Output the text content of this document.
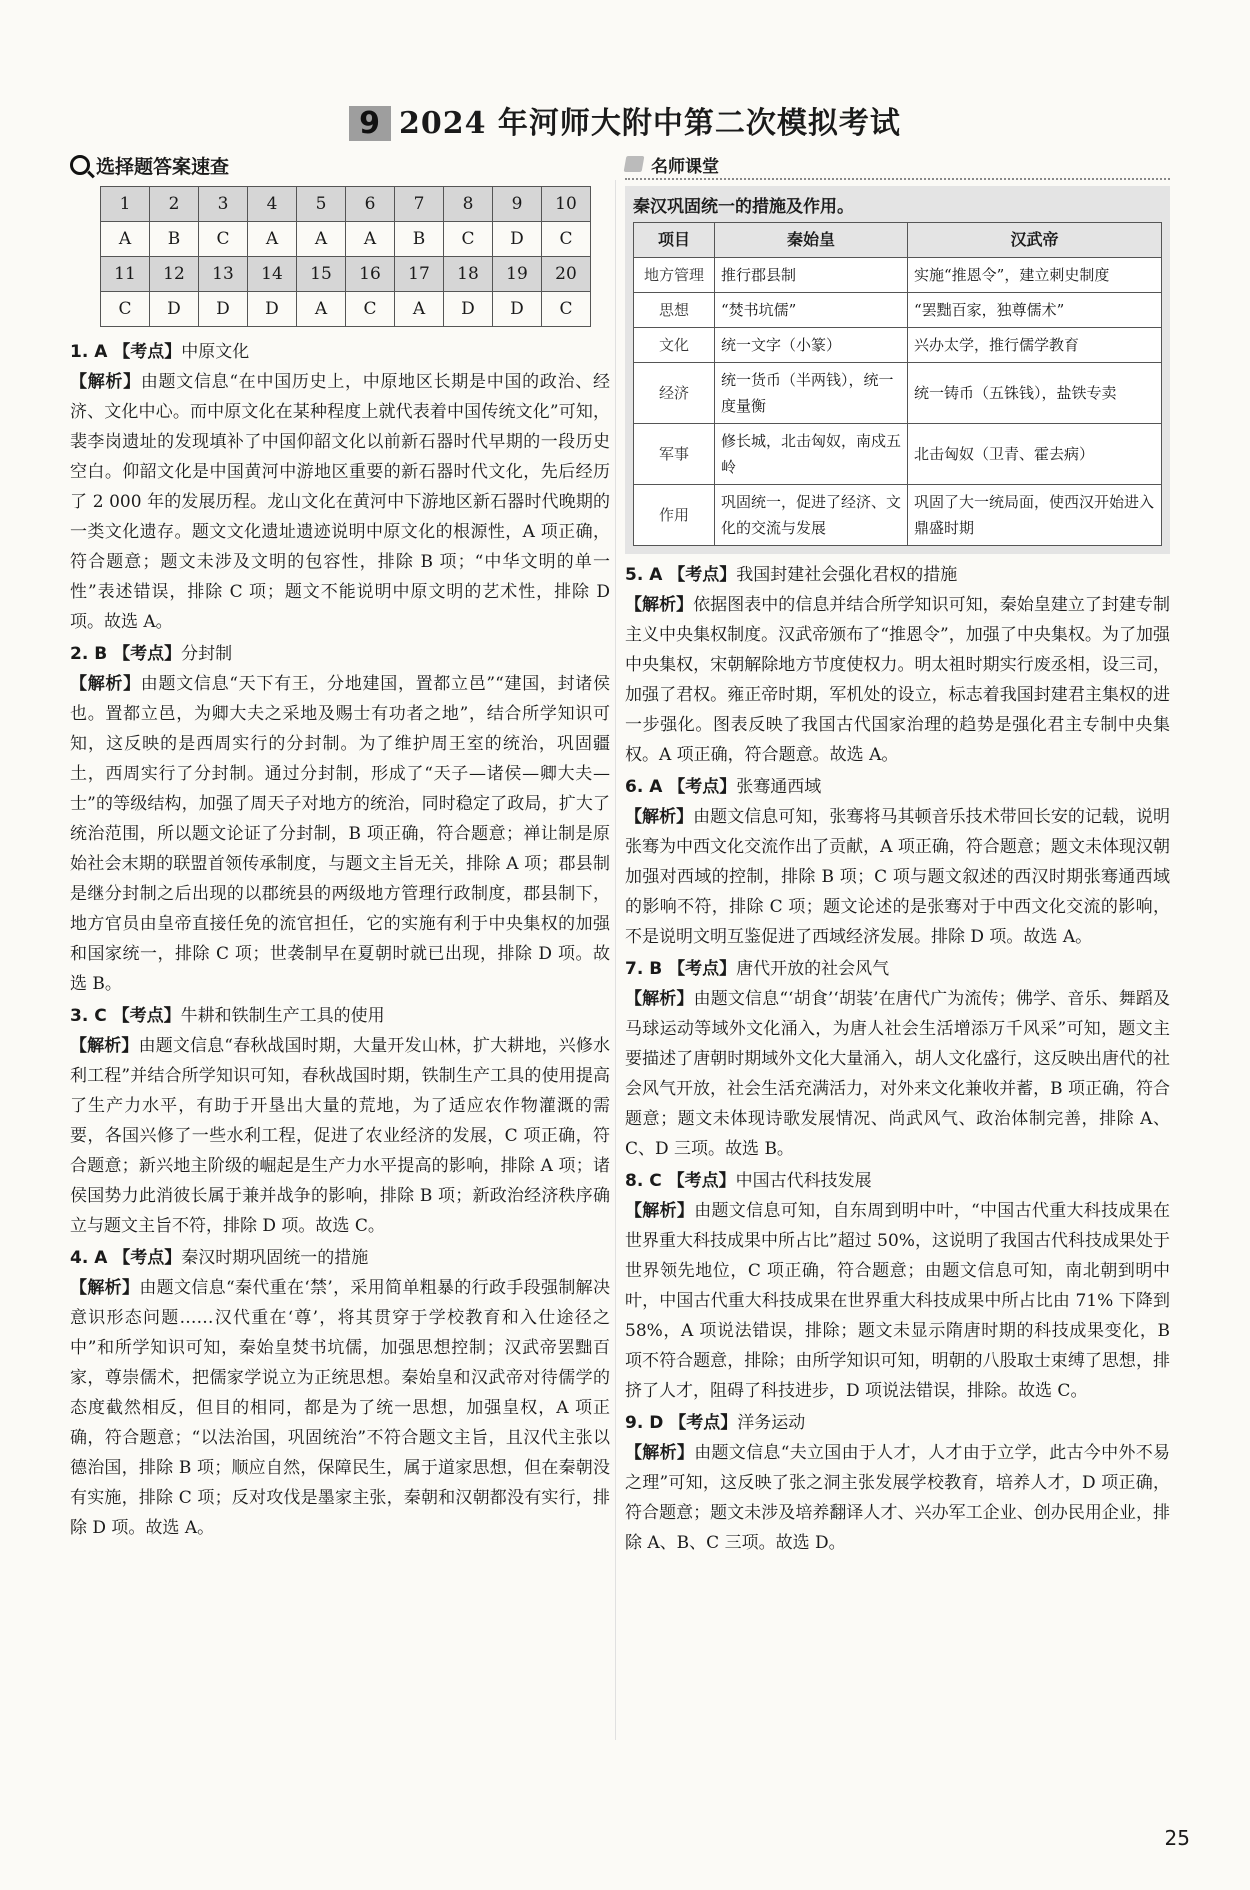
9 2024 年河师大附中第二次模拟考试
选择题答案速查
1	2	3	4	5	6	7	8	9	10
A	B	C	A	A	A	B	C	D	C
11	12	13	14	15	16	17	18	19	20
C	D	D	D	A	C	A	D	D	C
1. A 【考点】中原文化
【解析】由题文信息“在中国历史上，中原地区长期是中国的政治、经济、文化中心。而中原文化在某种程度上就代表着中国传统文化”可知，裴李岗遗址的发现填补了中国仰韶文化以前新石器时代早期的一段历史空白。仰韶文化是中国黄河中游地区重要的新石器时代文化，先后经历了 2 000 年的发展历程。龙山文化在黄河中下游地区新石器时代晚期的一类文化遗存。题文文化遗址遗迹说明中原文化的根源性，A 项正确，符合题意；题文未涉及文明的包容性，排除 B 项；“中华文明的单一性”表述错误，排除 C 项；题文不能说明中原文明的艺术性，排除 D 项。故选 A。
2. B 【考点】分封制
【解析】由题文信息“天下有王，分地建国，置都立邑”“建国，封诸侯也。置都立邑，为卿大夫之采地及赐士有功者之地”，结合所学知识可知，这反映的是西周实行的分封制。为了维护周王室的统治，巩固疆土，西周实行了分封制。通过分封制，形成了“天子—诸侯—卿大夫—士”的等级结构，加强了周天子对地方的统治，同时稳定了政局，扩大了统治范围，所以题文论证了分封制，B 项正确，符合题意；禅让制是原始社会末期的联盟首领传承制度，与题文主旨无关，排除 A 项；郡县制是继分封制之后出现的以郡统县的两级地方管理行政制度，郡县制下，地方官员由皇帝直接任免的流官担任，它的实施有利于中央集权的加强和国家统一，排除 C 项；世袭制早在夏朝时就已出现，排除 D 项。故选 B。
3. C 【考点】牛耕和铁制生产工具的使用
【解析】由题文信息“春秋战国时期，大量开发山林，扩大耕地，兴修水利工程”并结合所学知识可知，春秋战国时期，铁制生产工具的使用提高了生产力水平，有助于开垦出大量的荒地，为了适应农作物灌溉的需要，各国兴修了一些水利工程，促进了农业经济的发展，C 项正确，符合题意；新兴地主阶级的崛起是生产力水平提高的影响，排除 A 项；诸侯国势力此消彼长属于兼并战争的影响，排除 B 项；新政治经济秩序确立与题文主旨不符，排除 D 项。故选 C。
4. A 【考点】秦汉时期巩固统一的措施
【解析】由题文信息“秦代重在‘禁’，采用简单粗暴的行政手段强制解决意识形态问题……汉代重在‘尊’，将其贯穿于学校教育和入仕途径之中”和所学知识可知，秦始皇焚书坑儒，加强思想控制；汉武帝罢黜百家，尊崇儒术，把儒家学说立为正统思想。秦始皇和汉武帝对待儒学的态度截然相反，但目的相同，都是为了统一思想，加强皇权，A 项正确，符合题意；“以法治国，巩固统治”不符合题文主旨，且汉代主张以德治国，排除 B 项；顺应自然，保障民生，属于道家思想，但在秦朝没有实施，排除 C 项；反对攻伐是墨家主张，秦朝和汉朝都没有实行，排除 D 项。故选 A。
名师课堂
秦汉巩固统一的措施及作用。
项目	秦始皇	汉武帝
地方管理	推行郡县制	实施“推恩令”，建立刺史制度
思想	“焚书坑儒”	“罢黜百家，独尊儒术”
文化	统一文字（小篆）	兴办太学，推行儒学教育
经济	统一货币（半两钱），统一度量衡	统一铸币（五铢钱），盐铁专卖
军事	修长城，北击匈奴，南戍五岭	北击匈奴（卫青、霍去病）
作用	巩固统一，促进了经济、文化的交流与发展	巩固了大一统局面，使西汉开始进入鼎盛时期
5. A 【考点】我国封建社会强化君权的措施
【解析】依据图表中的信息并结合所学知识可知，秦始皇建立了封建专制主义中央集权制度。汉武帝颁布了“推恩令”，加强了中央集权。为了加强中央集权，宋朝解除地方节度使权力。明太祖时期实行废丞相，设三司，加强了君权。雍正帝时期，军机处的设立，标志着我国封建君主集权的进一步强化。图表反映了我国古代国家治理的趋势是强化君主专制中央集权。A 项正确，符合题意。故选 A。
6. A 【考点】张骞通西域
【解析】由题文信息可知，张骞将马其顿音乐技术带回长安的记载，说明张骞为中西文化交流作出了贡献，A 项正确，符合题意；题文未体现汉朝加强对西域的控制，排除 B 项；C 项与题文叙述的西汉时期张骞通西域的影响不符，排除 C 项；题文论述的是张骞对于中西文化交流的影响，不是说明文明互鉴促进了西域经济发展。排除 D 项。故选 A。
7. B 【考点】唐代开放的社会风气
【解析】由题文信息“‘胡食’‘胡装’在唐代广为流传；佛学、音乐、舞蹈及马球运动等域外文化涌入，为唐人社会生活增添万千风采”可知，题文主要描述了唐朝时期域外文化大量涌入，胡人文化盛行，这反映出唐代的社会风气开放，社会生活充满活力，对外来文化兼收并蓄，B 项正确，符合题意；题文未体现诗歌发展情况、尚武风气、政治体制完善，排除 A、C、D 三项。故选 B。
8. C 【考点】中国古代科技发展
【解析】由题文信息可知，自东周到明中叶，“中国古代重大科技成果在世界重大科技成果中所占比”超过 50%，这说明了我国古代科技成果处于世界领先地位，C 项正确，符合题意；由题文信息可知，南北朝到明中叶，中国古代重大科技成果在世界重大科技成果中所占比由 71% 下降到 58%，A 项说法错误，排除；题文未显示隋唐时期的科技成果变化，B 项不符合题意，排除；由所学知识可知，明朝的八股取士束缚了思想，排挤了人才，阻碍了科技进步，D 项说法错误，排除。故选 C。
9. D 【考点】洋务运动
【解析】由题文信息“夫立国由于人才，人才由于立学，此古今中外不易之理”可知，这反映了张之洞主张发展学校教育，培养人才，D 项正确，符合题意；题文未涉及培养翻译人才、兴办军工企业、创办民用企业，排除 A、B、C 三项。故选 D。
25
